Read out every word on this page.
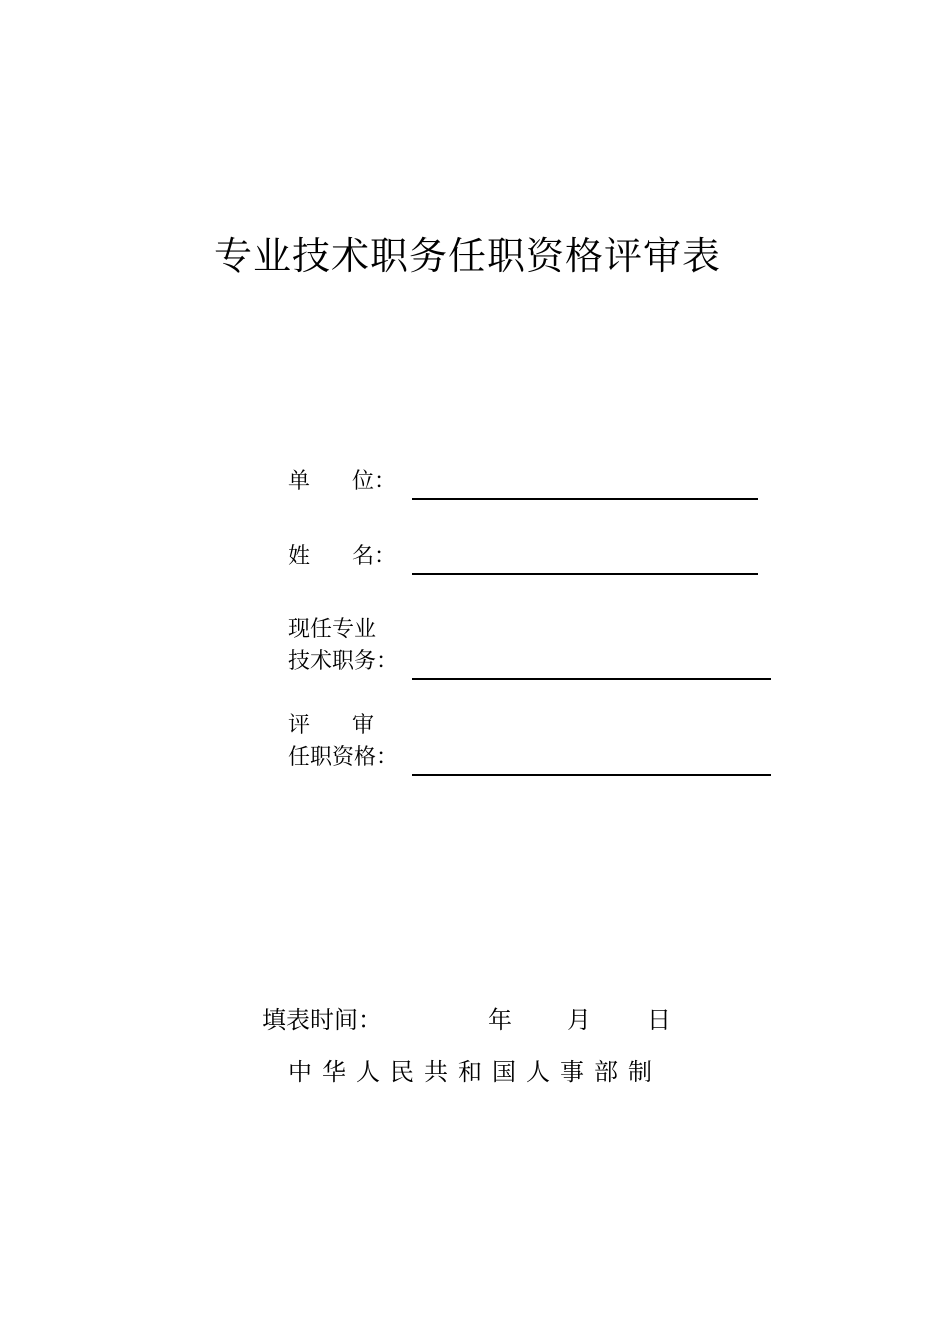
专业技术职务任职资格评审表
单      位：
姓      名：
现任专业
技术职务：
评      审
任职资格：
填表时间：	年 月 日
中华人民共和国人事部制
